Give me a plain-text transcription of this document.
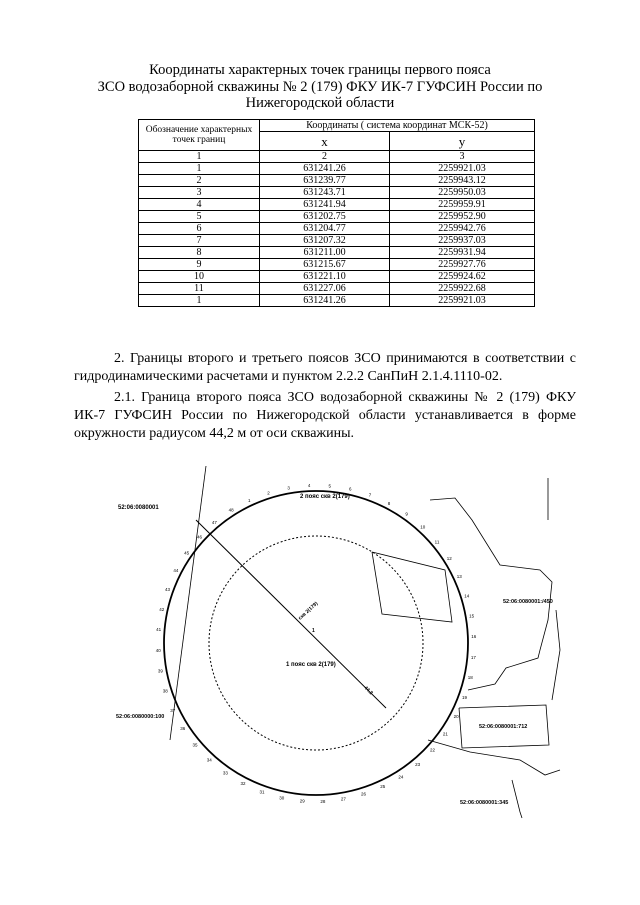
Координаты характерных точек границы первого пояса
ЗСО водозаборной скважины № 2 (179) ФКУ ИК-7 ГУФСИН России по
Нижегородской области
Обозначение характерных точек границ	Координаты ( система координат МСК-52)	
	x	y
1	2	3
1	631241.26	2259921.03
2	631239.77	2259943.12
3	631243.71	2259950.03
4	631241.94	2259959.91
5	631202.75	2259952.90
6	631204.77	2259942.76
7	631207.32	2259937.03
8	631211.00	2259931.94
9	631215.67	2259927.76
10	631221.10	2259924.62
11	631227.06	2259922.68
1	631241.26	2259921.03
2. Границы второго и третьего поясов ЗСО принимаются в соответствии с гидродинамическими расчетами и пунктом 2.2.2 СанПиН 2.1.4.1110-02.
2.1. Граница второго пояса ЗСО водозаборной скважины № 2 (179) ФКУ ИК-7 ГУФСИН России по Нижегородской области устанавливается в форме окружности радиусом 44,2 м от оси скважины.
1
2
3	4	5
6
7
8
9
10
11
12
13
14
15
16
17
18
19
20
21
22
23
24
25
26
27
28
29
30
31
32
33
34
35
36
37
38
39
40
41
42
43
44
45
46
47
48
52:06:0080001
52:06:0080000:100
52:06:0080001:/450
52:06:0080001:712
52:06:0080001:345
2 пояс скв 2(179)
1 пояс скв 2(179)
скв 2(179)
44.2
1
